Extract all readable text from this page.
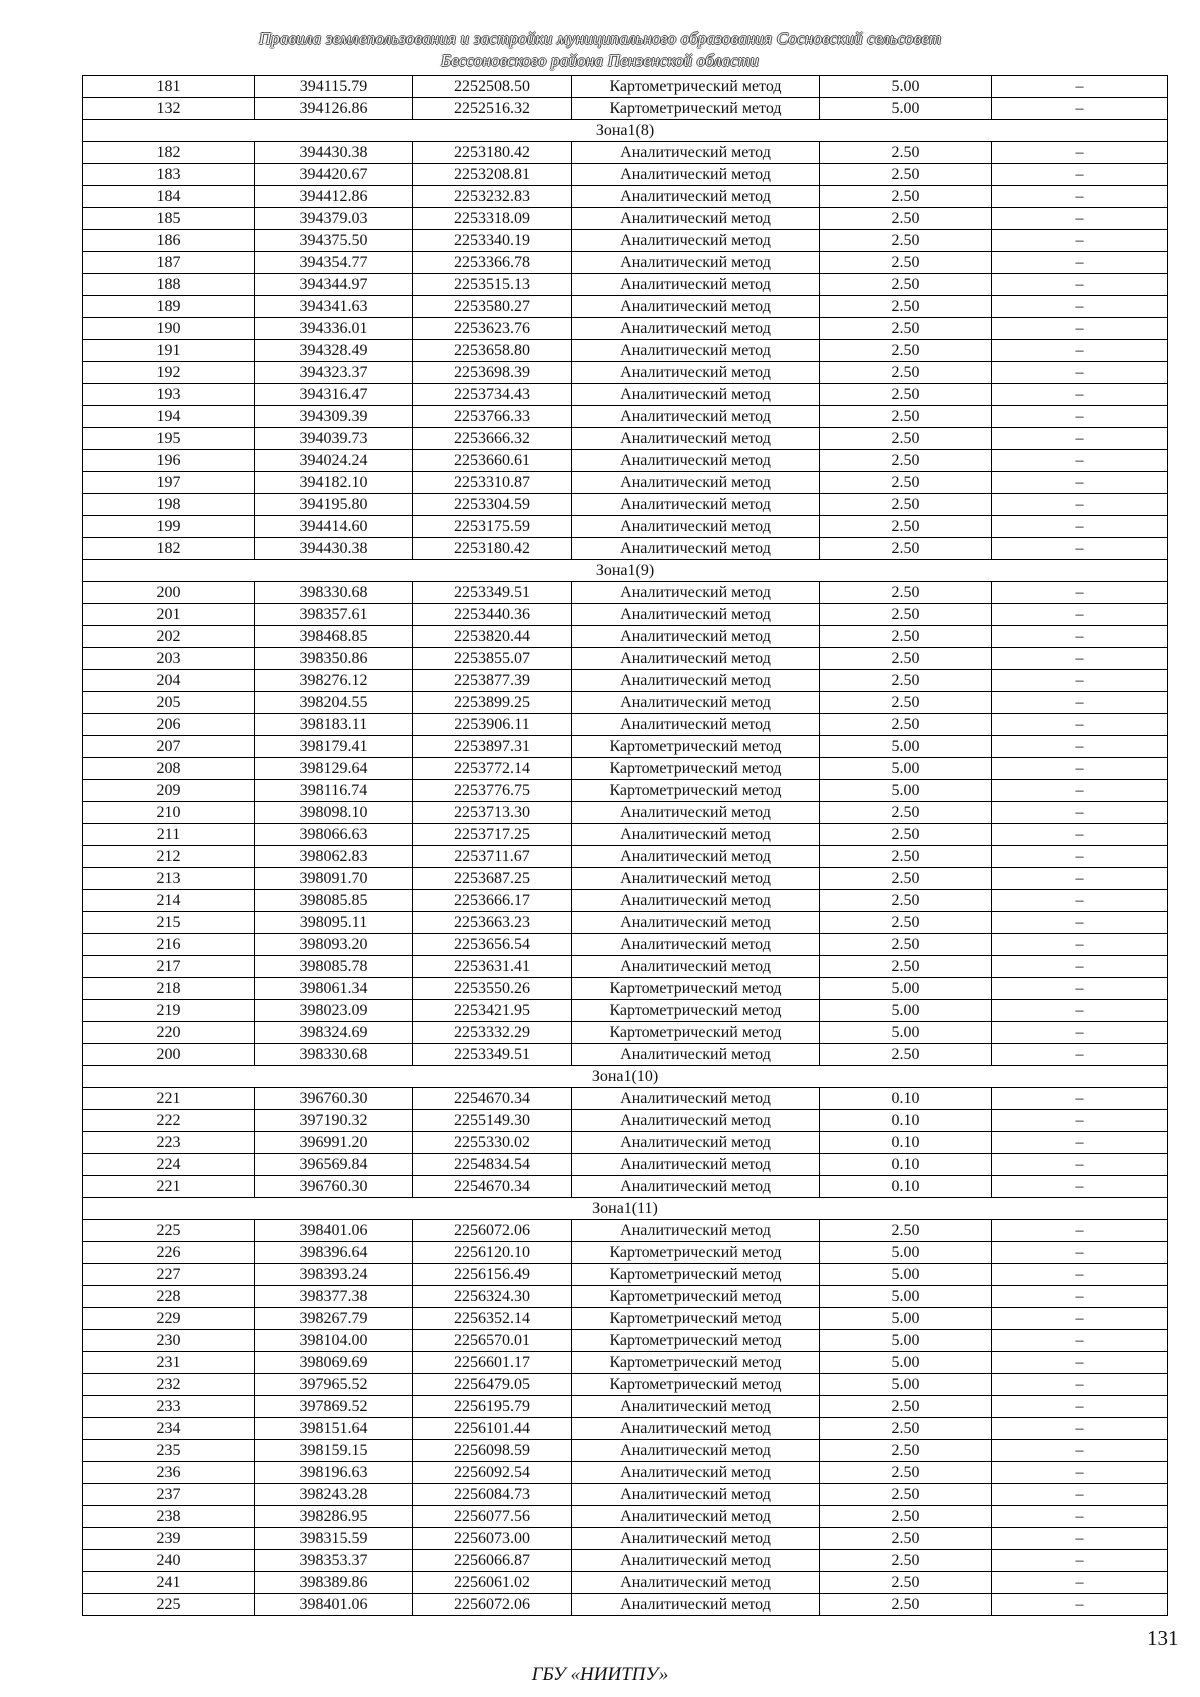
Правила землепользования и застройки муниципального образования Сосновский сельсовет
Бессоновского района Пензенской области
181	394115.79	2252508.50	Картометрический метод	5.00	–
132	394126.86	2252516.32	Картометрический метод	5.00	–
Зона1(8)					
182	394430.38	2253180.42	Аналитический метод	2.50	–
183	394420.67	2253208.81	Аналитический метод	2.50	–
184	394412.86	2253232.83	Аналитический метод	2.50	–
185	394379.03	2253318.09	Аналитический метод	2.50	–
186	394375.50	2253340.19	Аналитический метод	2.50	–
187	394354.77	2253366.78	Аналитический метод	2.50	–
188	394344.97	2253515.13	Аналитический метод	2.50	–
189	394341.63	2253580.27	Аналитический метод	2.50	–
190	394336.01	2253623.76	Аналитический метод	2.50	–
191	394328.49	2253658.80	Аналитический метод	2.50	–
192	394323.37	2253698.39	Аналитический метод	2.50	–
193	394316.47	2253734.43	Аналитический метод	2.50	–
194	394309.39	2253766.33	Аналитический метод	2.50	–
195	394039.73	2253666.32	Аналитический метод	2.50	–
196	394024.24	2253660.61	Аналитический метод	2.50	–
197	394182.10	2253310.87	Аналитический метод	2.50	–
198	394195.80	2253304.59	Аналитический метод	2.50	–
199	394414.60	2253175.59	Аналитический метод	2.50	–
182	394430.38	2253180.42	Аналитический метод	2.50	–
Зона1(9)					
200	398330.68	2253349.51	Аналитический метод	2.50	–
201	398357.61	2253440.36	Аналитический метод	2.50	–
202	398468.85	2253820.44	Аналитический метод	2.50	–
203	398350.86	2253855.07	Аналитический метод	2.50	–
204	398276.12	2253877.39	Аналитический метод	2.50	–
205	398204.55	2253899.25	Аналитический метод	2.50	–
206	398183.11	2253906.11	Аналитический метод	2.50	–
207	398179.41	2253897.31	Картометрический метод	5.00	–
208	398129.64	2253772.14	Картометрический метод	5.00	–
209	398116.74	2253776.75	Картометрический метод	5.00	–
210	398098.10	2253713.30	Аналитический метод	2.50	–
211	398066.63	2253717.25	Аналитический метод	2.50	–
212	398062.83	2253711.67	Аналитический метод	2.50	–
213	398091.70	2253687.25	Аналитический метод	2.50	–
214	398085.85	2253666.17	Аналитический метод	2.50	–
215	398095.11	2253663.23	Аналитический метод	2.50	–
216	398093.20	2253656.54	Аналитический метод	2.50	–
217	398085.78	2253631.41	Аналитический метод	2.50	–
218	398061.34	2253550.26	Картометрический метод	5.00	–
219	398023.09	2253421.95	Картометрический метод	5.00	–
220	398324.69	2253332.29	Картометрический метод	5.00	–
200	398330.68	2253349.51	Аналитический метод	2.50	–
Зона1(10)					
221	396760.30	2254670.34	Аналитический метод	0.10	–
222	397190.32	2255149.30	Аналитический метод	0.10	–
223	396991.20	2255330.02	Аналитический метод	0.10	–
224	396569.84	2254834.54	Аналитический метод	0.10	–
221	396760.30	2254670.34	Аналитический метод	0.10	–
Зона1(11)					
225	398401.06	2256072.06	Аналитический метод	2.50	–
226	398396.64	2256120.10	Картометрический метод	5.00	–
227	398393.24	2256156.49	Картометрический метод	5.00	–
228	398377.38	2256324.30	Картометрический метод	5.00	–
229	398267.79	2256352.14	Картометрический метод	5.00	–
230	398104.00	2256570.01	Картометрический метод	5.00	–
231	398069.69	2256601.17	Картометрический метод	5.00	–
232	397965.52	2256479.05	Картометрический метод	5.00	–
233	397869.52	2256195.79	Аналитический метод	2.50	–
234	398151.64	2256101.44	Аналитический метод	2.50	–
235	398159.15	2256098.59	Аналитический метод	2.50	–
236	398196.63	2256092.54	Аналитический метод	2.50	–
237	398243.28	2256084.73	Аналитический метод	2.50	–
238	398286.95	2256077.56	Аналитический метод	2.50	–
239	398315.59	2256073.00	Аналитический метод	2.50	–
240	398353.37	2256066.87	Аналитический метод	2.50	–
241	398389.86	2256061.02	Аналитический метод	2.50	–
225	398401.06	2256072.06	Аналитический метод	2.50	–
131
ГБУ «НИИТПУ»
